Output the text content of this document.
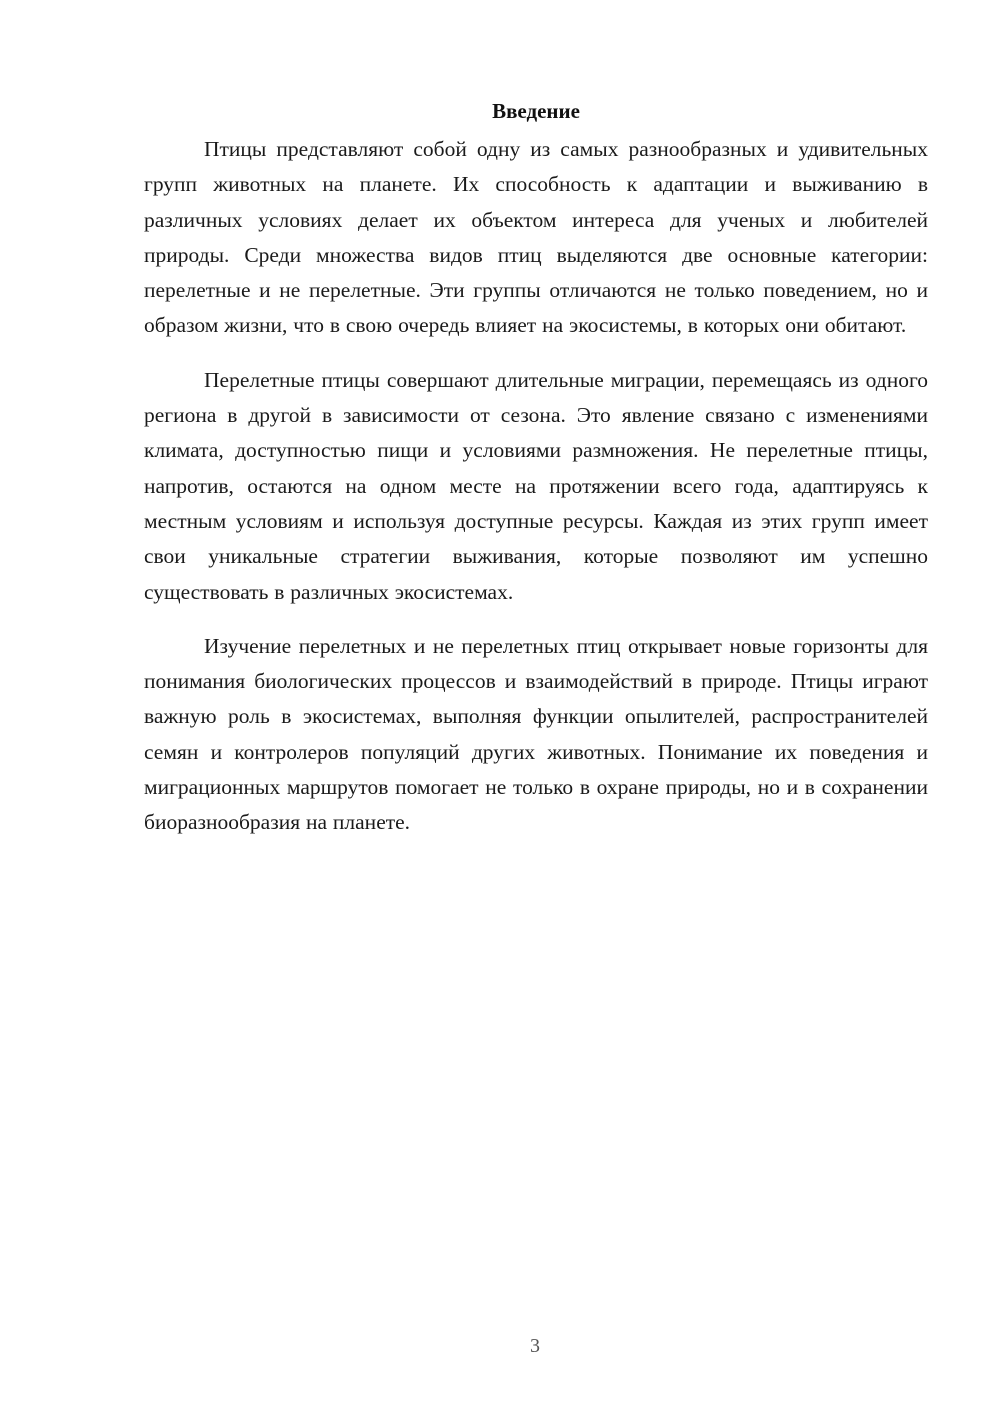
Введение

Птицы представляют собой одну из самых разнообразных и удивительных групп животных на планете. Их способность к адаптации и выживанию в различных условиях делает их объектом интереса для ученых и любителей природы. Среди множества видов птиц выделяются две основные категории: перелетные и не перелетные. Эти группы отличаются не только поведением, но и образом жизни, что в свою очередь влияет на экосистемы, в которых они обитают.

Перелетные птицы совершают длительные миграции, перемещаясь из одного региона в другой в зависимости от сезона. Это явление связано с изменениями климата, доступностью пищи и условиями размножения. Не перелетные птицы, напротив, остаются на одном месте на протяжении всего года, адаптируясь к местным условиям и используя доступные ресурсы. Каждая из этих групп имеет свои уникальные стратегии выживания, которые позволяют им успешно существовать в различных экосистемах.

Изучение перелетных и не перелетных птиц открывает новые горизонты для понимания биологических процессов и взаимодействий в природе. Птицы играют важную роль в экосистемах, выполняя функции опылителей, распространителей семян и контролеров популяций других животных. Понимание их поведения и миграционных маршрутов помогает не только в охране природы, но и в сохранении биоразнообразия на планете.

3
